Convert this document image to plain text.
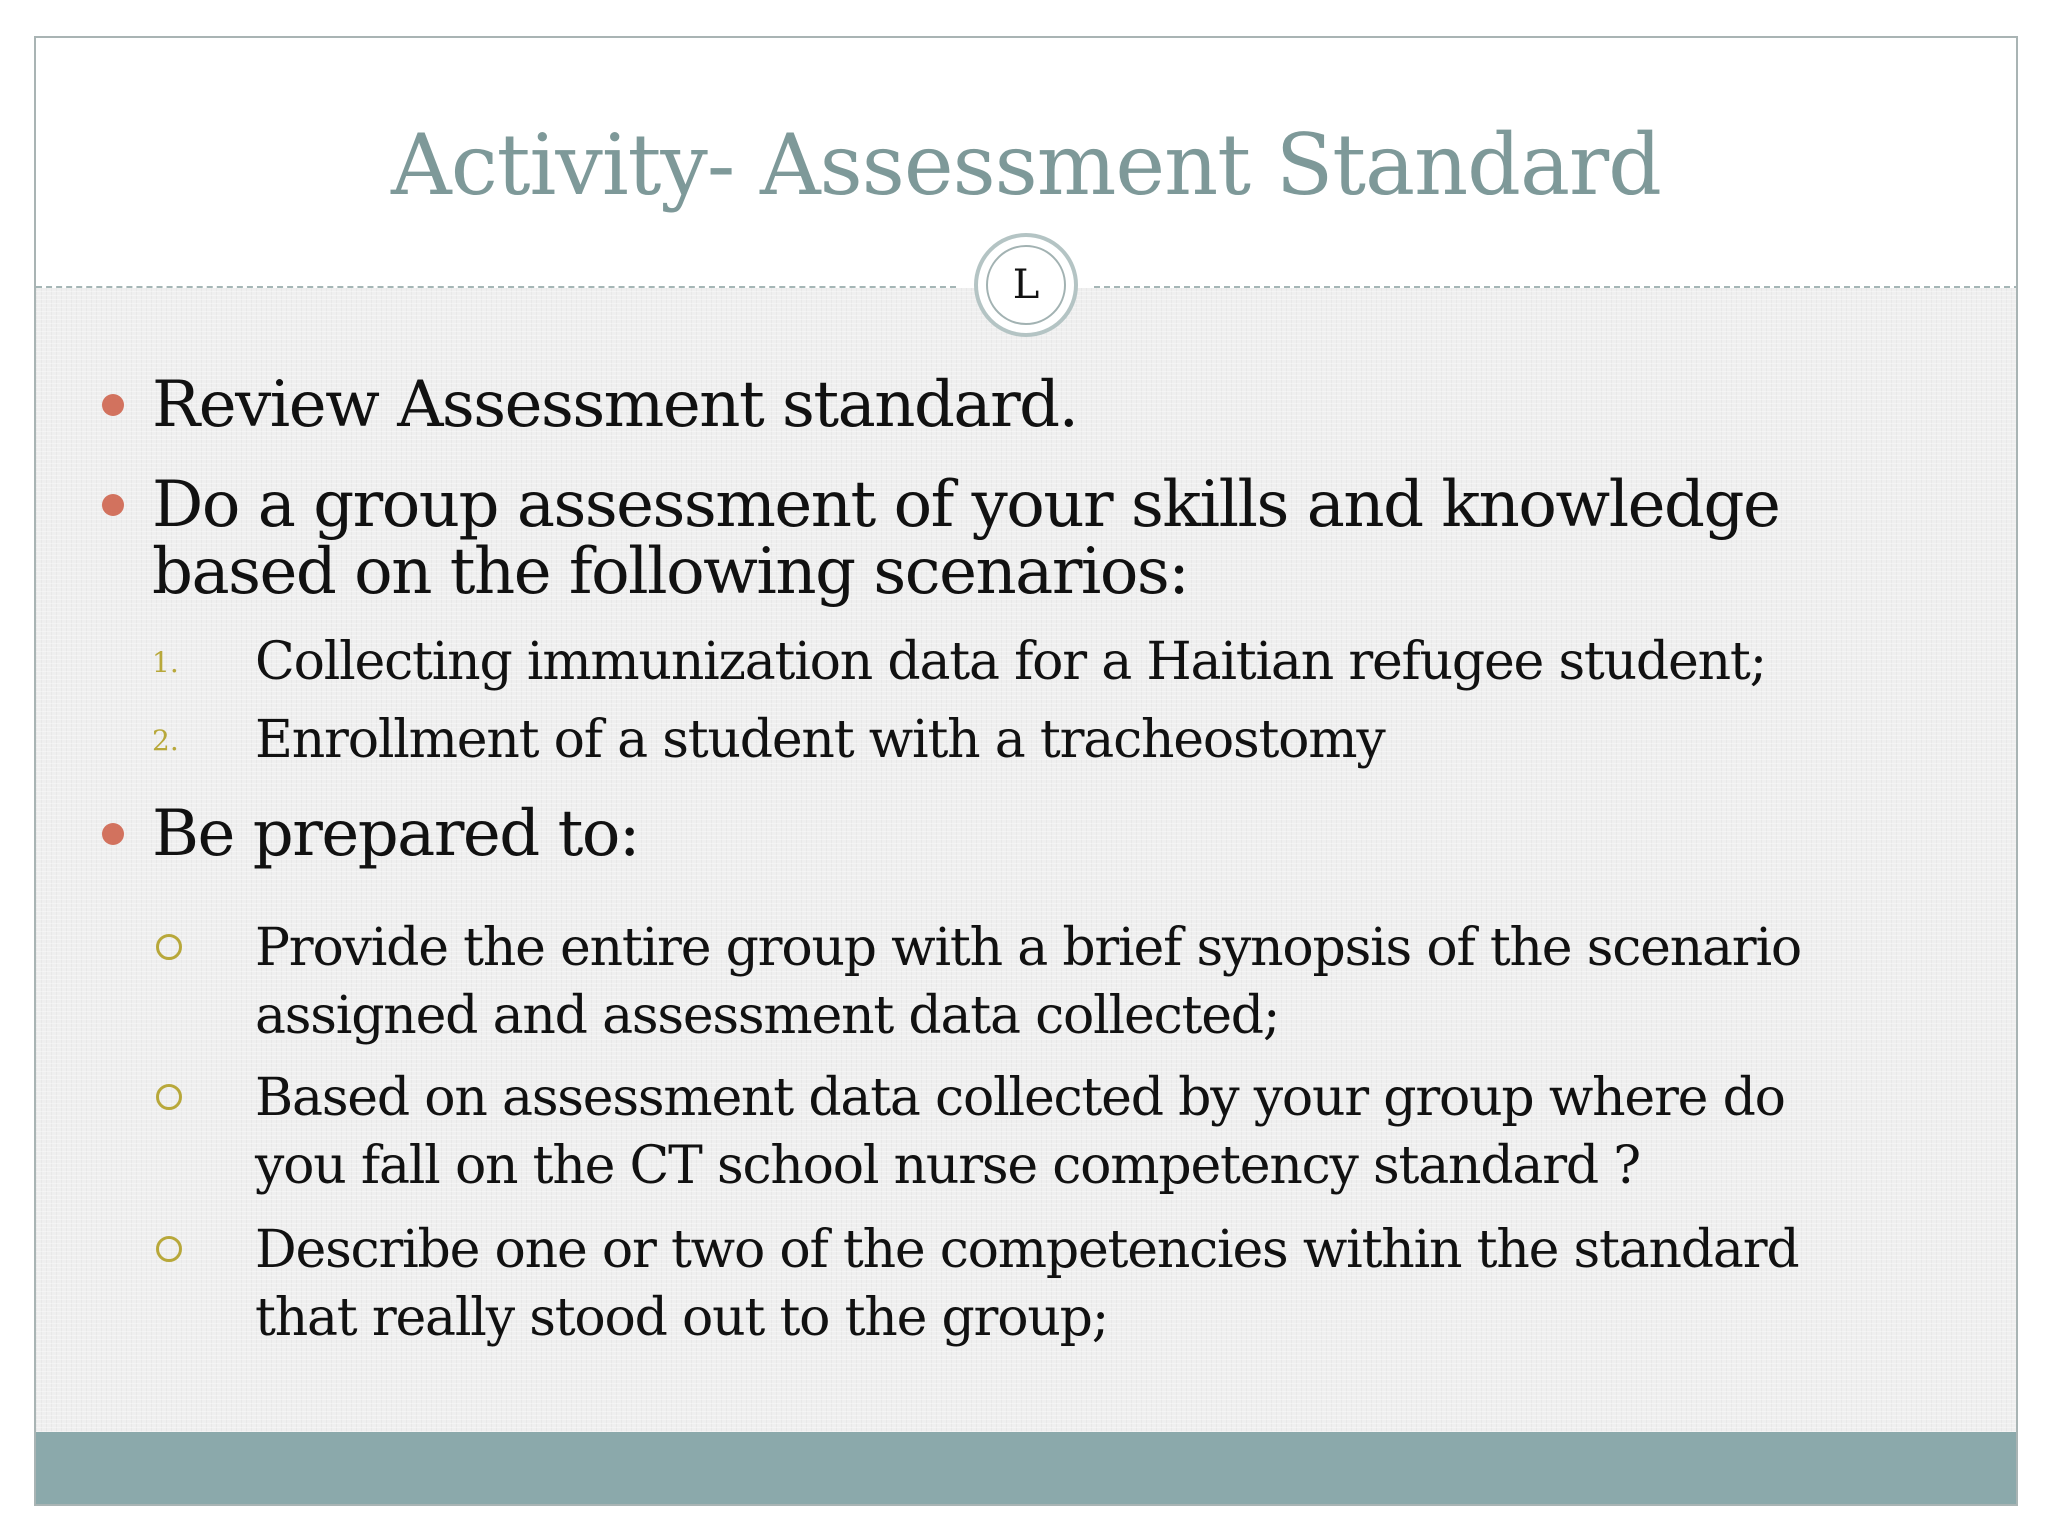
Activity- Assessment Standard
L
Review Assessment standard.
Do a group assessment of your skills and knowledge
based on the following scenarios:
1. Collecting immunization data for a Haitian refugee student;
2. Enrollment of a student with a tracheostomy
Be prepared to:
Provide the entire group with a brief synopsis of the scenario
assigned and assessment data collected;
Based on assessment data collected by your group where do
you fall on the CT school nurse competency standard ?
Describe one or two of the competencies within the standard
that really stood out to the group;
